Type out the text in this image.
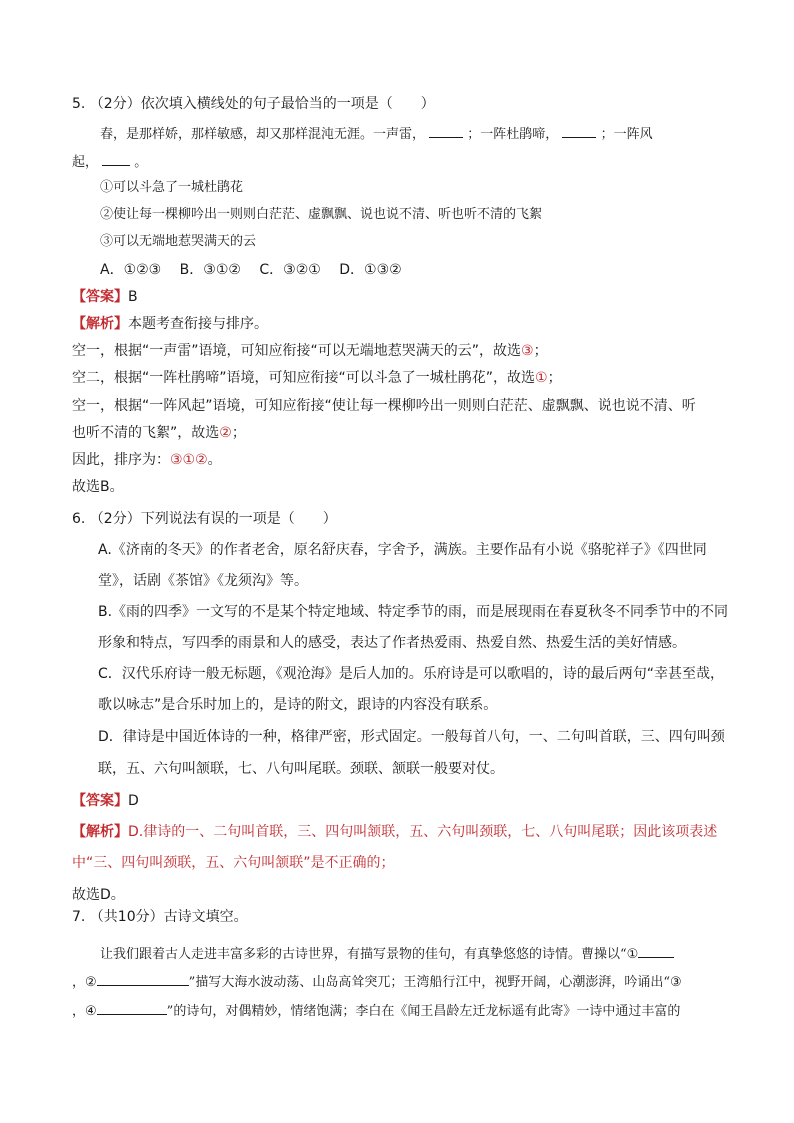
5. （2分）依次填入横线处的句子最恰当的一项是（　　）
春，是那样娇，那样敏感，却又那样混沌无涯。一声雷，	；一阵杜鹃啼，	；一阵风
起，	。
①可以斗急了一城杜鹃花
②使让每一棵柳吟出一则则白茫茫、虚飘飘、说也说不清、听也听不清的飞絮
③可以无端地惹哭满天的云
A．①②③　 B．③①②　 C．③②①　 D．①③②
【答案】B
【解析】本题考查衔接与排序。
空一，根据“一声雷”语境，可知应衔接“可以无端地惹哭满天的云”，故选③；
空二，根据“一阵杜鹃啼”语境，可知应衔接“可以斗急了一城杜鹃花”，故选①；
空一，根据“一阵风起”语境，可知应衔接“使让每一棵柳吟出一则则白茫茫、虚飘飘、说也说不清、听
也听不清的飞絮”，故选②；
因此，排序为：③①②。
故选B。
6. （2分）下列说法有误的一项是（　　）
A.《济南的冬天》的作者老舍，原名舒庆春，字舍予，满族。主要作品有小说《骆驼祥子》《四世同
堂》，话剧《茶馆》《龙须沟》等。
B.《雨的四季》一文写的不是某个特定地域、特定季节的雨，而是展现雨在春夏秋冬不同季节中的不同
形象和特点，写四季的雨景和人的感受，表达了作者热爱雨、热爱自然、热爱生活的美好情感。
C．汉代乐府诗一般无标题，《观沧海》是后人加的。乐府诗是可以歌唱的，诗的最后两句“幸甚至哉，
歌以咏志”是合乐时加上的，是诗的附文，跟诗的内容没有联系。
D．律诗是中国近体诗的一种，格律严密，形式固定。一般每首八句，一、二句叫首联，三、四句叫颈
联，五、六句叫颔联，七、八句叫尾联。颈联、颔联一般要对仗。
【答案】D
【解析】D.律诗的一、二句叫首联，三、四句叫颔联，五、六句叫颈联，七、八句叫尾联；因此该项表述
中“三、四句叫颈联，五、六句叫颔联”是不正确的；
故选D。
7. （共10分）古诗文填空。
让我们跟着古人走进丰富多彩的古诗世界，有描写景物的佳句，有真挚悠悠的诗情。曹操以“①
，②	”描写大海水波动荡、山岛高耸突兀；王湾船行江中，视野开阔，心潮澎湃，吟诵出“③
，④	”的诗句，对偶精妙，情绪饱满；李白在《闻王昌龄左迁龙标遥有此寄》一诗中通过丰富的
